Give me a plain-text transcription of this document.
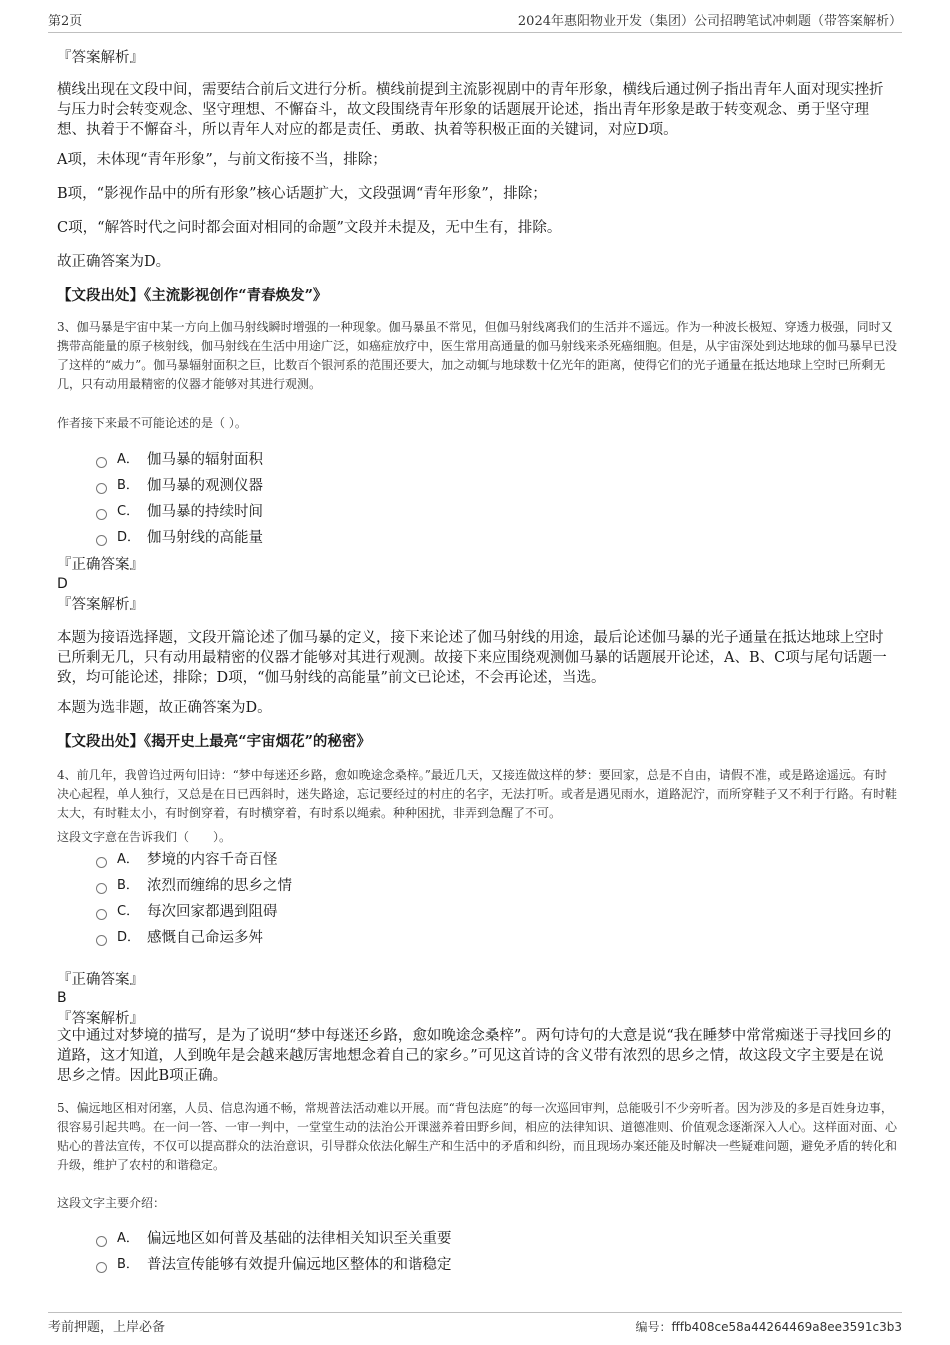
第2页	2024年惠阳物业开发（集团）公司招聘笔试冲刺题（带答案解析）
『答案解析』
横线出现在文段中间，需要结合前后文进行分析。横线前提到主流影视剧中的青年形象，横线后通过例子指出青年人面对现实挫折与压力时会转变观念、坚守理想、不懈奋斗，故文段围绕青年形象的话题展开论述，指出青年形象是敢于转变观念、勇于坚守理想、执着于不懈奋斗，所以青年人对应的都是责任、勇敢、执着等积极正面的关键词，对应D项。
A项，未体现“青年形象”，与前文衔接不当，排除；
B项，“影视作品中的所有形象”核心话题扩大，文段强调“青年形象”，排除；
C项，“解答时代之问时都会面对相同的命题”文段并未提及，无中生有，排除。
故正确答案为D。
【文段出处】《主流影视创作“青春焕发”》
3、伽马暴是宇宙中某一方向上伽马射线瞬时增强的一种现象。伽马暴虽不常见，但伽马射线离我们的生活并不遥远。作为一种波长极短、穿透力极强，同时又携带高能量的原子核射线，伽马射线在生活中用途广泛，如癌症放疗中，医生常用高通量的伽马射线来杀死癌细胞。但是，从宇宙深处到达地球的伽马暴早已没了这样的“威力”。伽马暴辐射面积之巨，比数百个银河系的范围还要大，加之动辄与地球数十亿光年的距离，使得它们的光子通量在抵达地球上空时已所剩无几，只有动用最精密的仪器才能够对其进行观测。
作者接下来最不可能论述的是（ ）。
A． 伽马暴的辐射面积
B． 伽马暴的观测仪器
C． 伽马暴的持续时间
D． 伽马射线的高能量
『正确答案』
D
『答案解析』
本题为接语选择题，文段开篇论述了伽马暴的定义，接下来论述了伽马射线的用途，最后论述伽马暴的光子通量在抵达地球上空时已所剩无几，只有动用最精密的仪器才能够对其进行观测。故接下来应围绕观测伽马暴的话题展开论述，A、B、C项与尾句话题一致，均可能论述，排除；D项，“伽马射线的高能量”前文已论述，不会再论述，当选。
本题为选非题，故正确答案为D。
【文段出处】《揭开史上最亮“宇宙烟花”的秘密》
4、前几年，我曾诌过两句旧诗：“梦中每迷还乡路，愈如晚途念桑梓。”最近几天，又接连做这样的梦：要回家，总是不自由，请假不准，或是路途遥远。有时决心起程，单人独行，又总是在日已西斜时，迷失路途，忘记要经过的村庄的名字，无法打听。或者是遇见雨水，道路泥泞，而所穿鞋子又不利于行路。有时鞋太大，有时鞋太小，有时倒穿着，有时横穿着，有时系以绳索。种种困扰，非弄到急醒了不可。
这段文字意在告诉我们（　　）。
A． 梦境的内容千奇百怪
B． 浓烈而缠绵的思乡之情
C． 每次回家都遇到阻碍
D． 感慨自己命运多舛
『正确答案』
B
『答案解析』
文中通过对梦境的描写，是为了说明“梦中每迷还乡路，愈如晚途念桑梓”。两句诗句的大意是说“我在睡梦中常常痴迷于寻找回乡的道路，这才知道，人到晚年是会越来越厉害地想念着自己的家乡。”可见这首诗的含义带有浓烈的思乡之情，故这段文字主要是在说思乡之情。因此B项正确。
5、偏远地区相对闭塞，人员、信息沟通不畅，常规普法活动难以开展。而“背包法庭”的每一次巡回审判，总能吸引不少旁听者。因为涉及的多是百姓身边事，很容易引起共鸣。在一问一答、一审一判中，一堂堂生动的法治公开课滋养着田野乡间，相应的法律知识、道德准则、价值观念逐渐深入人心。这样面对面、心贴心的普法宣传，不仅可以提高群众的法治意识，引导群众依法化解生产和生活中的矛盾和纠纷，而且现场办案还能及时解决一些疑难问题，避免矛盾的转化和升级，维护了农村的和谐稳定。
这段文字主要介绍：
A． 偏远地区如何普及基础的法律相关知识至关重要
B． 普法宣传能够有效提升偏远地区整体的和谐稳定
考前押题，上岸必备	编号：fffb408ce58a44264469a8ee3591c3b3
